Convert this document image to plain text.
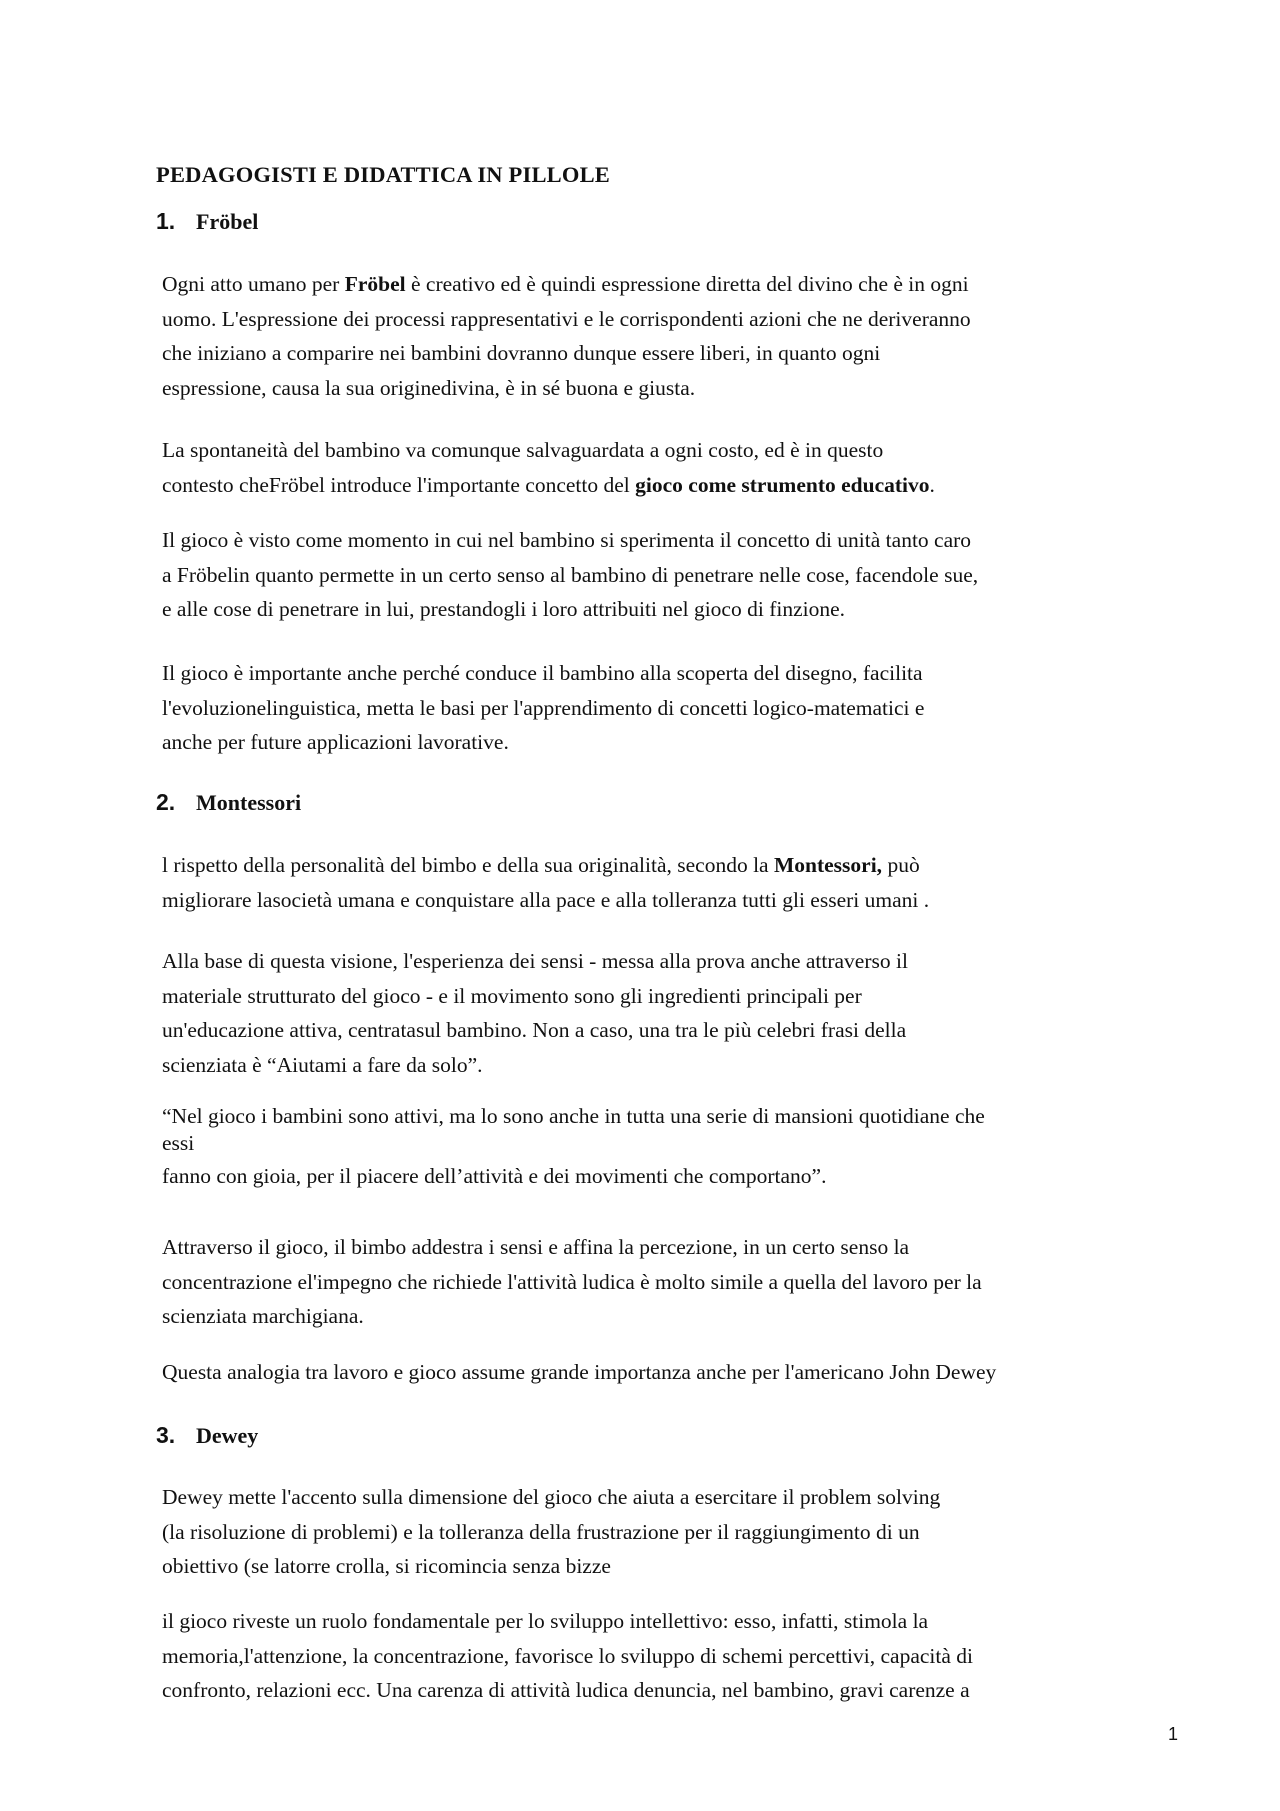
PEDAGOGISTI E DIDATTICA IN PILLOLE
1. Fröbel
Ogni atto umano per Fröbel è creativo ed è quindi espressione diretta del divino che è in ogni
uomo. L'espressione dei processi rappresentativi e le corrispondenti azioni che ne deriveranno
che iniziano a comparire nei bambini dovranno dunque essere liberi, in quanto ogni
espressione, causa la sua originedivina, è in sé buona e giusta.
La spontaneità del bambino va comunque salvaguardata a ogni costo, ed è in questo
contesto cheFröbel introduce l'importante concetto del gioco come strumento educativo.
Il gioco è visto come momento in cui nel bambino si sperimenta il concetto di unità tanto caro
a Fröbelin quanto permette in un certo senso al bambino di penetrare nelle cose, facendole sue,
e alle cose di penetrare in lui, prestandogli i loro attribuiti nel gioco di finzione.
Il gioco è importante anche perché conduce il bambino alla scoperta del disegno, facilita
l'evoluzionelinguistica, metta le basi per l'apprendimento di concetti logico-matematici e
anche per future applicazioni lavorative.
2. Montessori
l rispetto della personalità del bimbo e della sua originalità, secondo la Montessori, può
migliorare lasocietà umana e conquistare alla pace e alla tolleranza tutti gli esseri umani .
Alla base di questa visione, l'esperienza dei sensi - messa alla prova anche attraverso il
materiale strutturato del gioco - e il movimento sono gli ingredienti principali per
un'educazione attiva, centratasul bambino. Non a caso, una tra le più celebri frasi della
scienziata è “Aiutami a fare da solo”.
“Nel gioco i bambini sono attivi, ma lo sono anche in tutta una serie di mansioni quotidiane che
essi
fanno con gioia, per il piacere dell’attività e dei movimenti che comportano”.
Attraverso il gioco, il bimbo addestra i sensi e affina la percezione, in un certo senso la
concentrazione el'impegno che richiede l'attività ludica è molto simile a quella del lavoro per la
scienziata marchigiana.
Questa analogia tra lavoro e gioco assume grande importanza anche per l'americano John Dewey
3. Dewey
Dewey mette l'accento sulla dimensione del gioco che aiuta a esercitare il problem solving
(la risoluzione di problemi) e la tolleranza della frustrazione per il raggiungimento di un
obiettivo (se latorre crolla, si ricomincia senza bizze
il gioco riveste un ruolo fondamentale per lo sviluppo intellettivo: esso, infatti, stimola la
memoria,l'attenzione, la concentrazione, favorisce lo sviluppo di schemi percettivi, capacità di
confronto, relazioni ecc. Una carenza di attività ludica denuncia, nel bambino, gravi carenze a
1
